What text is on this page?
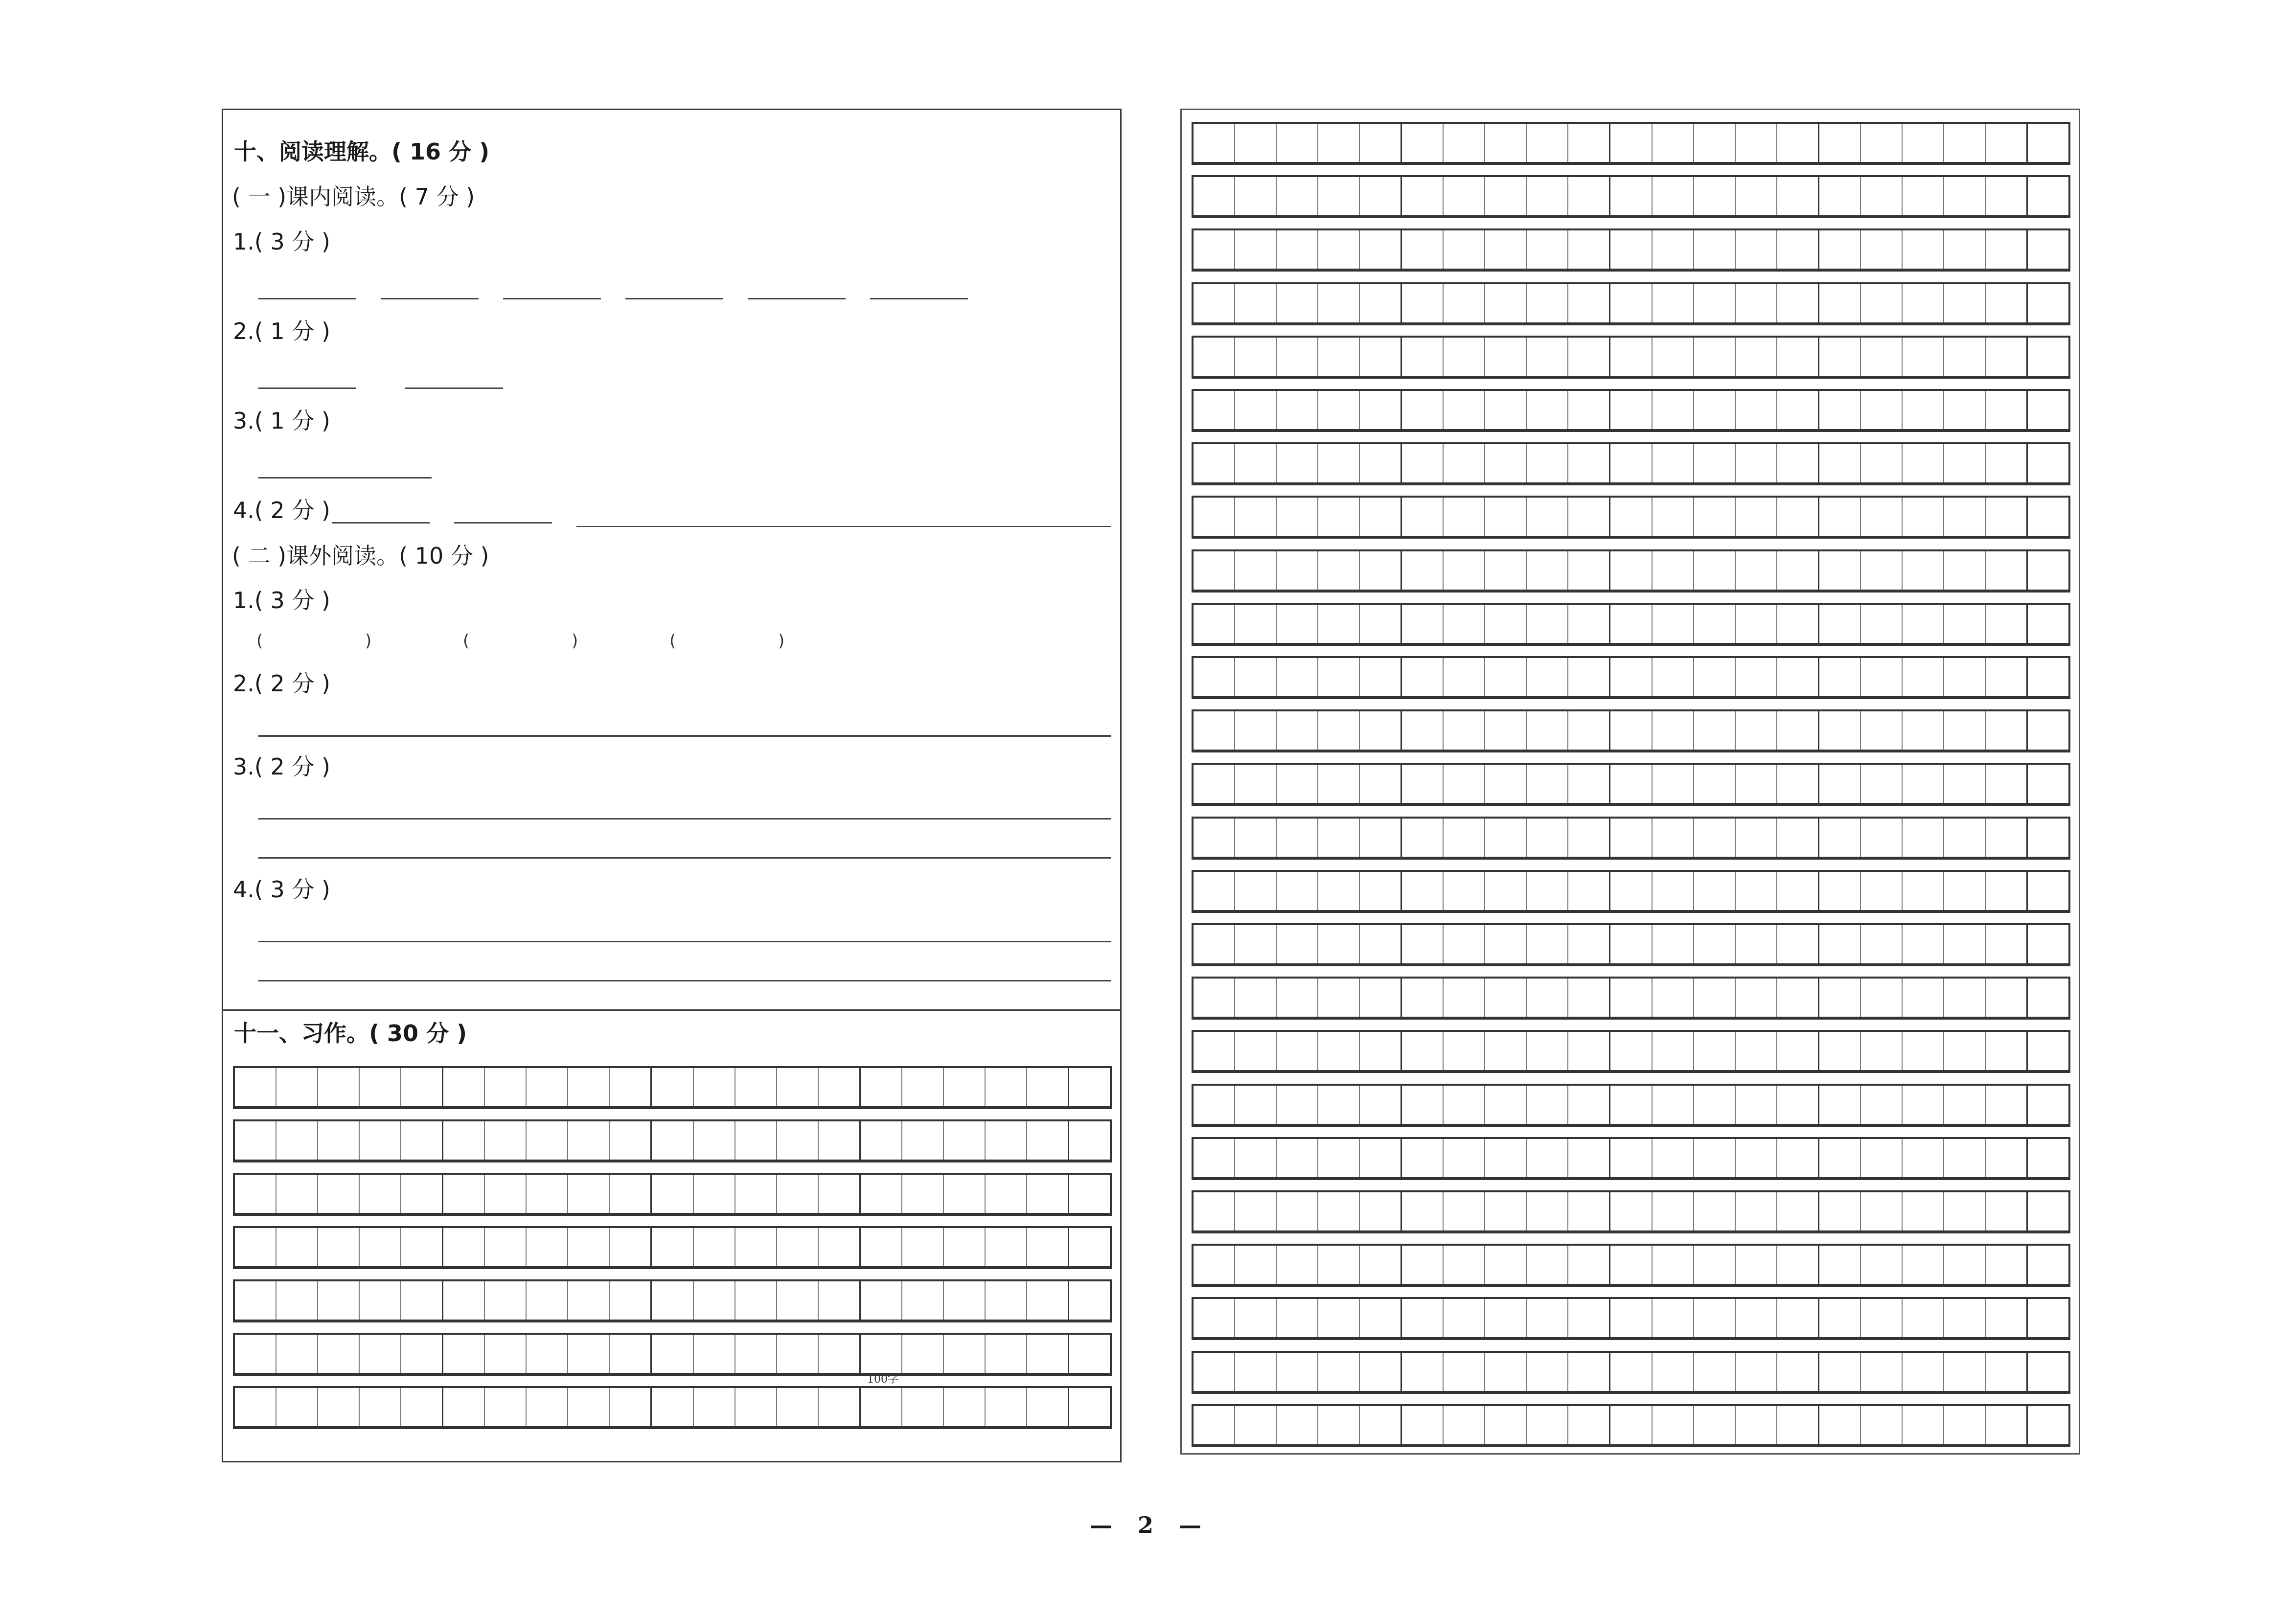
十、阅读理解。( 16 分 )
( 一 )课内阅读。( 7 分 )
1.( 3 分 )
2.( 1 分 )
3.( 1 分 )
4.( 2 分 )
( 二 )课外阅读。( 10 分 )
1.( 3 分 )
(	)	(	)	(	)
2.( 2 分 )
3.( 2 分 )
4.( 3 分 )
十一、习作。( 30 分 )
100字
— 2 —
